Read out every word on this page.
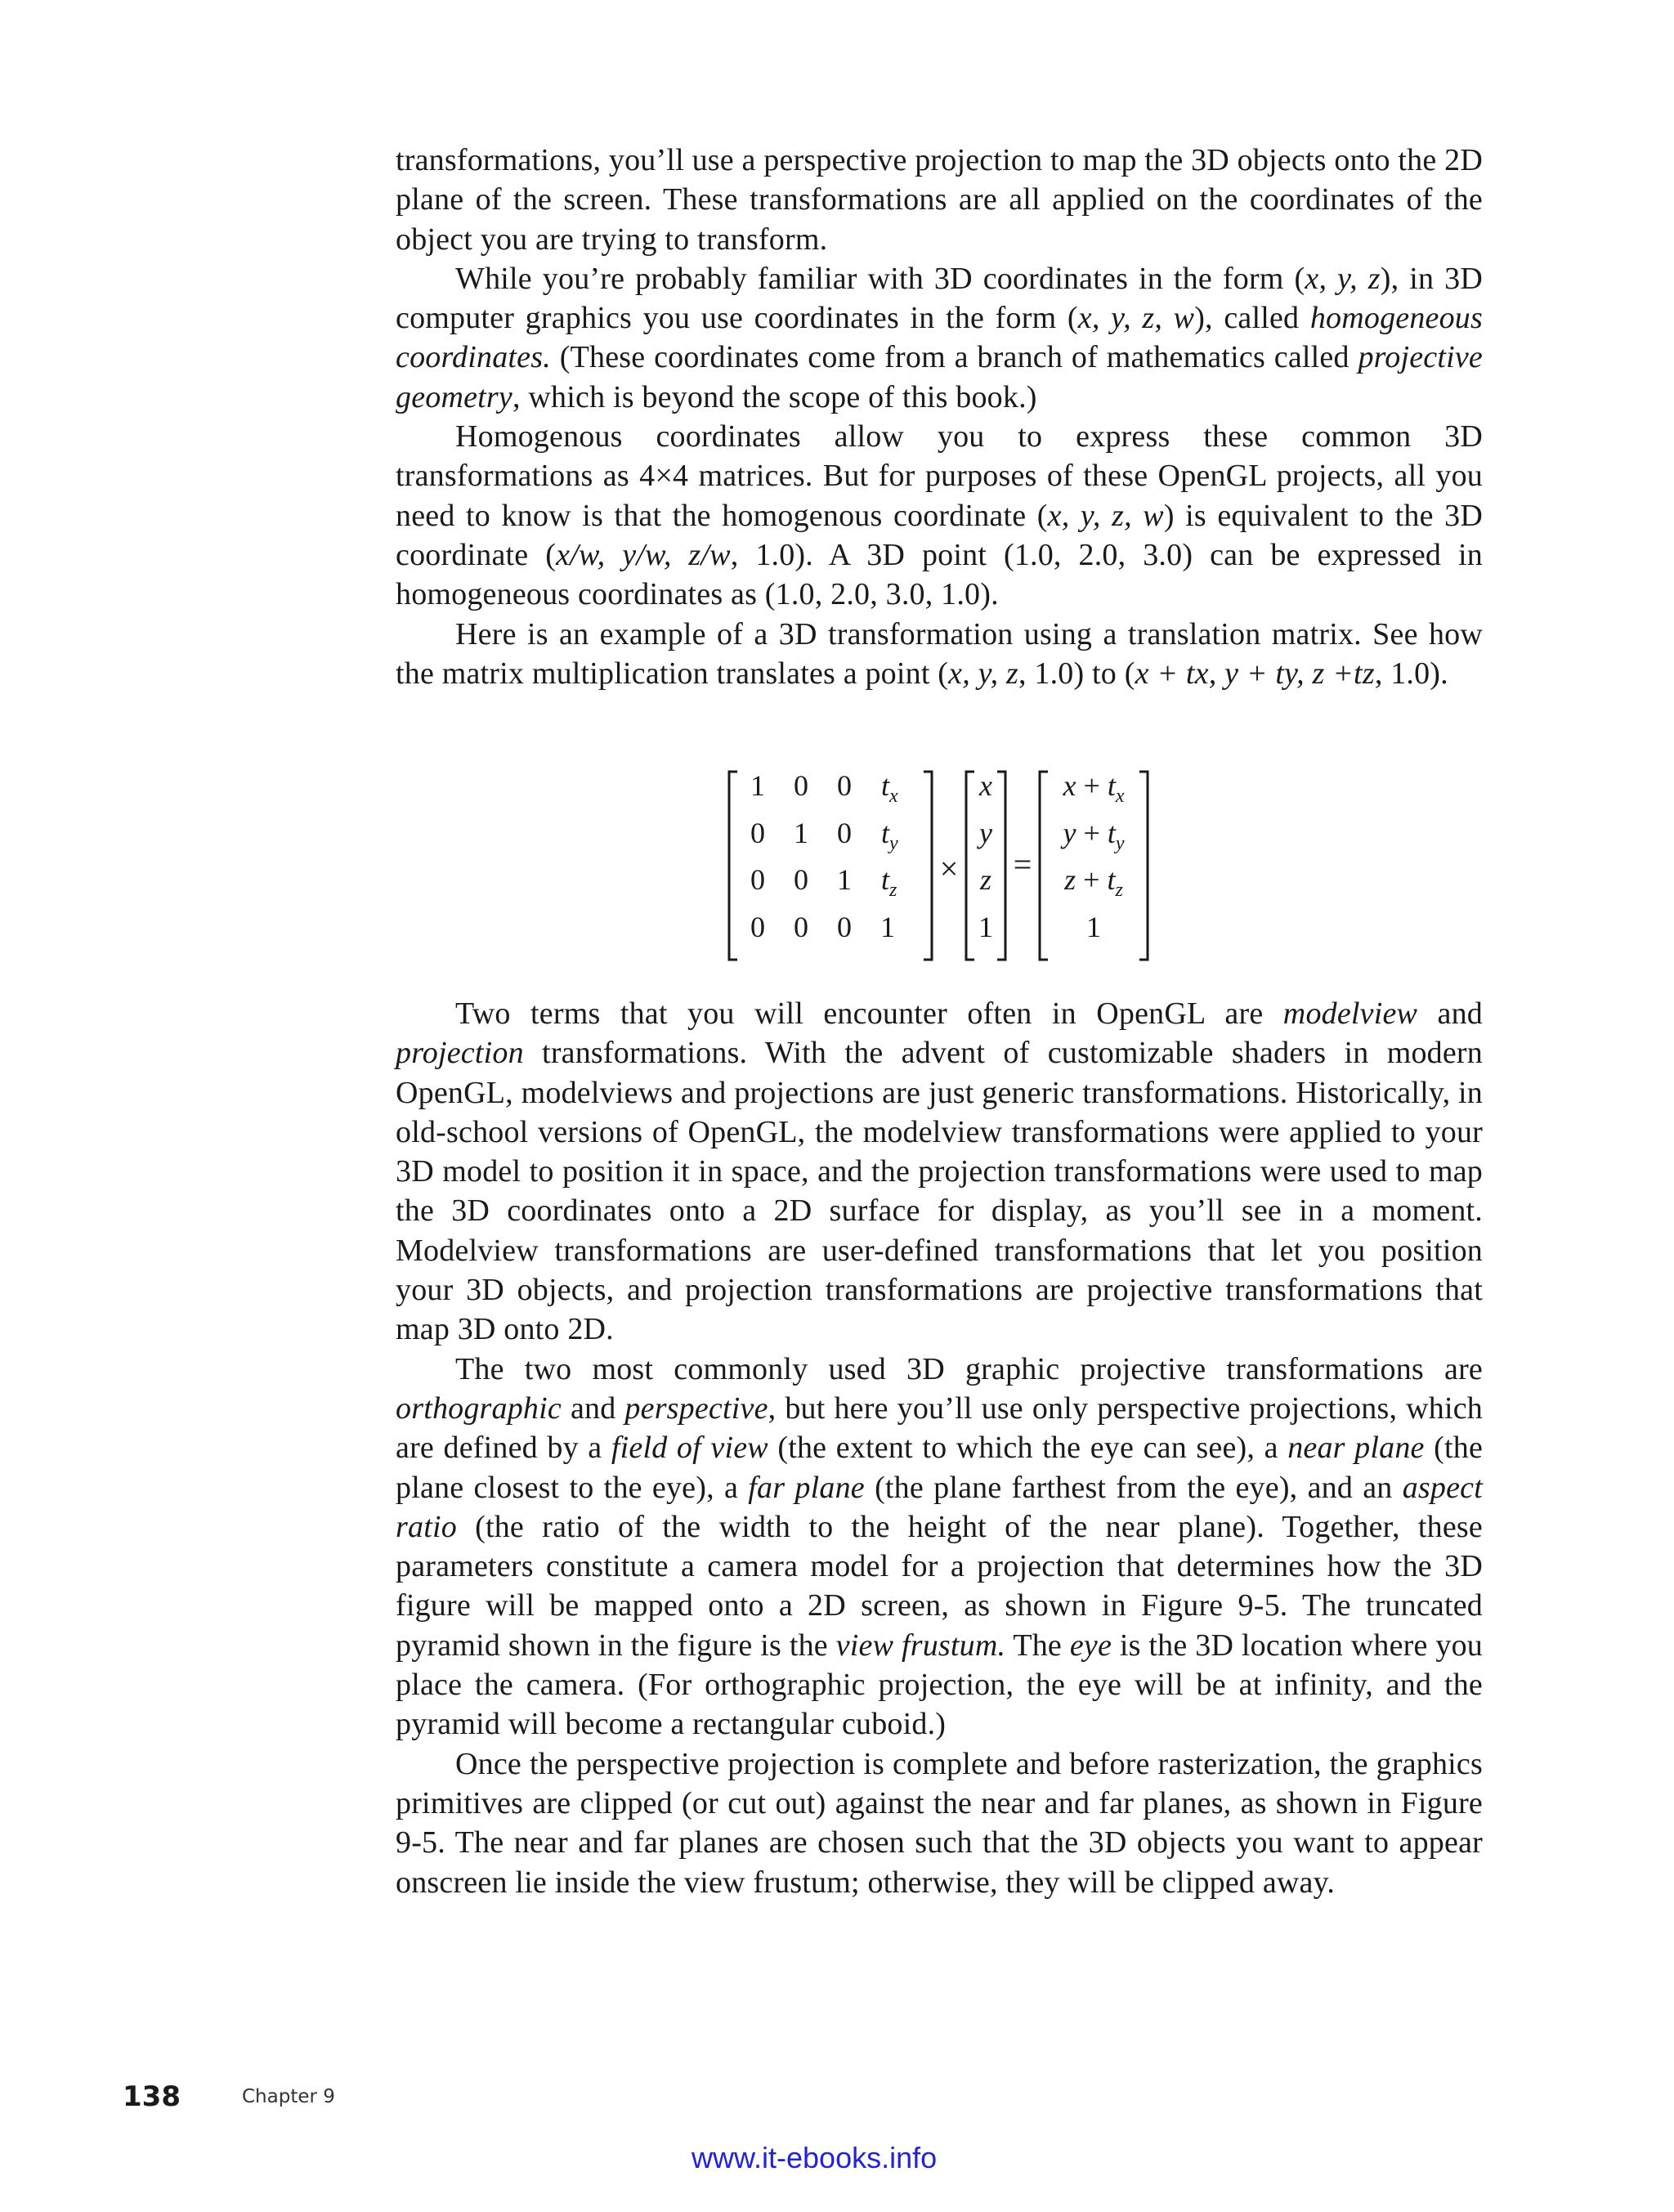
transformations, you’ll use a perspective projection to map the 3D objects onto the 2D plane of the screen. These transformations are all applied on the coordinates of the object you are trying to transform.

While you’re probably familiar with 3D coordinates in the form (x, y, z), in 3D computer graphics you use coordinates in the form (x, y, z, w), called homogeneous coordinates. (These coordinates come from a branch of mathematics called projective geometry, which is beyond the scope of this book.)

Homogenous coordinates allow you to express these common 3D transformations as 4×4 matrices. But for purposes of these OpenGL projects, all you need to know is that the homogenous coordinate (x, y, z, w) is equivalent to the 3D coordinate (x/w, y/w, z/w, 1.0). A 3D point (1.0, 2.0, 3.0) can be expressed in homogeneous coordinates as (1.0, 2.0, 3.0, 1.0).

Here is an example of a 3D transformation using a translation matrix. See how the matrix multiplication translates a point (x, y, z, 1.0) to (x + tx, y + ty, z +tz, 1.0).

1 0 0 $t_x$
0 1 0 $t_y$
0 0 1 $t_z$
0 0 0 1
×
x
y
z
1
=
$x + t_x$
$y + t_y$
$z + t_z$
1

Two terms that you will encounter often in OpenGL are modelview and projection transformations. With the advent of customizable shaders in modern OpenGL, modelviews and projections are just generic transformations. Historically, in old-school versions of OpenGL, the modelview transformations were applied to your 3D model to position it in space, and the projection transformations were used to map the 3D coordinates onto a 2D surface for display, as you’ll see in a moment. Modelview transformations are user-defined transformations that let you position your 3D objects, and projection transformations are projective transformations that map 3D onto 2D.

The two most commonly used 3D graphic projective transformations are orthographic and perspective, but here you’ll use only perspective projections, which are defined by a field of view (the extent to which the eye can see), a near plane (the plane closest to the eye), a far plane (the plane farthest from the eye), and an aspect ratio (the ratio of the width to the height of the near plane). Together, these parameters constitute a camera model for a projection that determines how the 3D figure will be mapped onto a 2D screen, as shown in Figure 9-5. The truncated pyramid shown in the figure is the view frustum. The eye is the 3D location where you place the camera. (For orthographic projection, the eye will be at infinity, and the pyramid will become a rectangular cuboid.)

Once the perspective projection is complete and before rasterization, the graphics primitives are clipped (or cut out) against the near and far planes, as shown in Figure 9-5. The near and far planes are chosen such that the 3D objects you want to appear onscreen lie inside the view frustum; otherwise, they will be clipped away.

138	Chapter 9
www.it-ebooks.info
